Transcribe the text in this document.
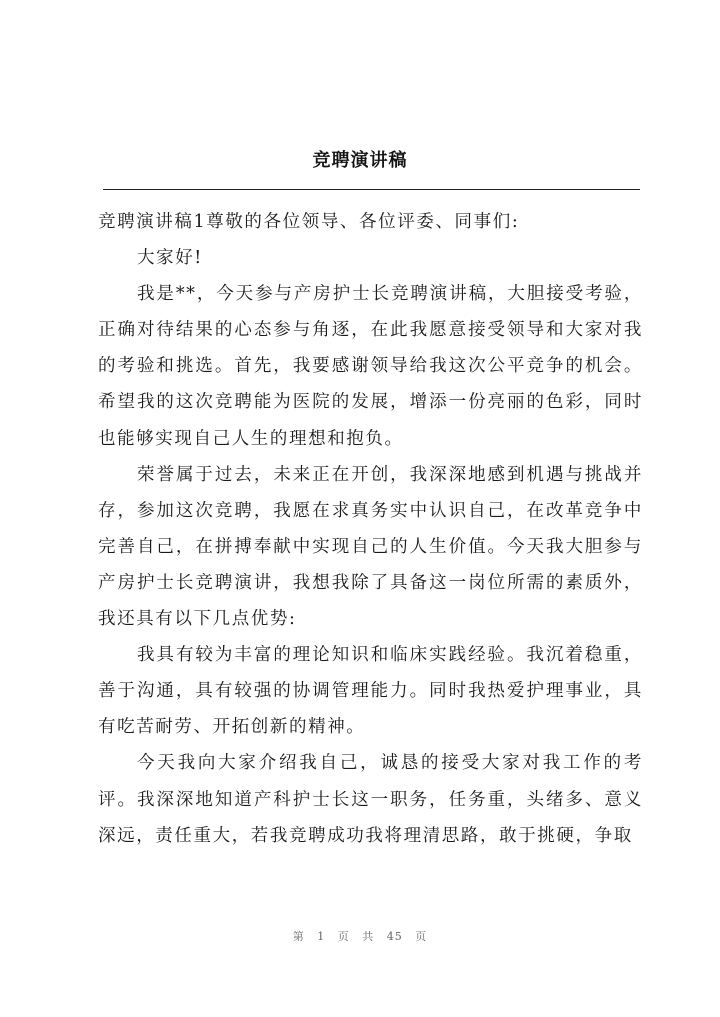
竞聘演讲稿

竞聘演讲稿1尊敬的各位领导、各位评委、同事们:

大家好!

我是**，今天参与产房护士长竞聘演讲稿，大胆接受考验，正确对待结果的心态参与角逐，在此我愿意接受领导和大家对我的考验和挑选。首先，我要感谢领导给我这次公平竞争的机会。希望我的这次竞聘能为医院的发展，增添一份亮丽的色彩，同时也能够实现自己人生的理想和抱负。

荣誉属于过去，未来正在开创，我深深地感到机遇与挑战并存，参加这次竞聘，我愿在求真务实中认识自己，在改革竞争中完善自己，在拼搏奉献中实现自己的人生价值。今天我大胆参与产房护士长竞聘演讲，我想我除了具备这一岗位所需的素质外，我还具有以下几点优势:

我具有较为丰富的理论知识和临床实践经验。我沉着稳重，善于沟通，具有较强的协调管理能力。同时我热爱护理事业，具有吃苦耐劳、开拓创新的精神。

今天我向大家介绍我自己，诚恳的接受大家对我工作的考评。我深深地知道产科护士长这一职务，任务重，头绪多、意义深远，责任重大，若我竞聘成功我将理清思路，敢于挑硬，争取

第 1 页 共 45 页
